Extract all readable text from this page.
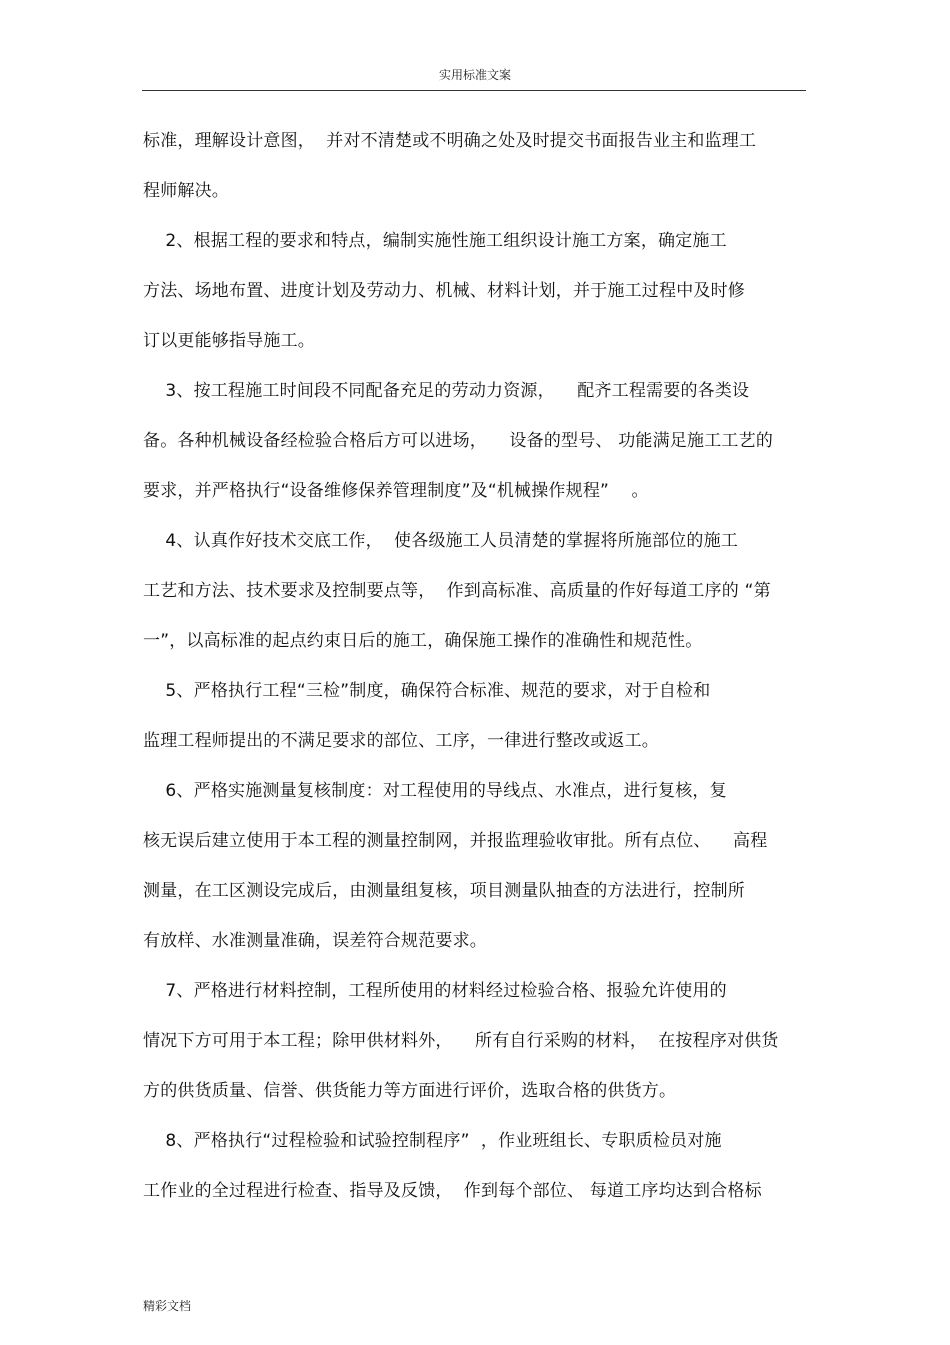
实用标准文案
标准，理解设计意图，  并对不清楚或不明确之处及时提交书面报告业主和监理工
程师解决。
2、根据工程的要求和特点，编制实施性施工组织设计施工方案，确定施工
方法、场地布置、进度计划及劳动力、机械、材料计划，并于施工过程中及时修
订以更能够指导施工。
3、按工程施工时间段不同配备充足的劳动力资源，    配齐工程需要的各类设
备。各种机械设备经检验合格后方可以进场，    设备的型号、 功能满足施工工艺的
要求，并严格执行“设备维修保养管理制度”及“机械操作规程”    。
4、认真作好技术交底工作，  使各级施工人员清楚的掌握将所施部位的施工
工艺和方法、技术要求及控制要点等，  作到高标准、高质量的作好每道工序的 “第
一”，以高标准的起点约束日后的施工，确保施工操作的准确性和规范性。
5、严格执行工程“三检”制度，确保符合标准、规范的要求，对于自检和
监理工程师提出的不满足要求的部位、工序，一律进行整改或返工。
6、严格实施测量复核制度：对工程使用的导线点、水准点，进行复核，复
核无误后建立使用于本工程的测量控制网，并报监理验收审批。所有点位、    高程
测量，在工区测设完成后，由测量组复核，项目测量队抽查的方法进行，控制所
有放样、水准测量准确，误差符合规范要求。
7、严格进行材料控制，工程所使用的材料经过检验合格、报验允许使用的
情况下方可用于本工程；除甲供材料外，    所有自行采购的材料，  在按程序对供货
方的供货质量、信誉、供货能力等方面进行评价，选取合格的供货方。
8、严格执行“过程检验和试验控制程序”  ，作业班组长、专职质检员对施
工作业的全过程进行检查、指导及反馈，  作到每个部位、 每道工序均达到合格标
精彩文档
